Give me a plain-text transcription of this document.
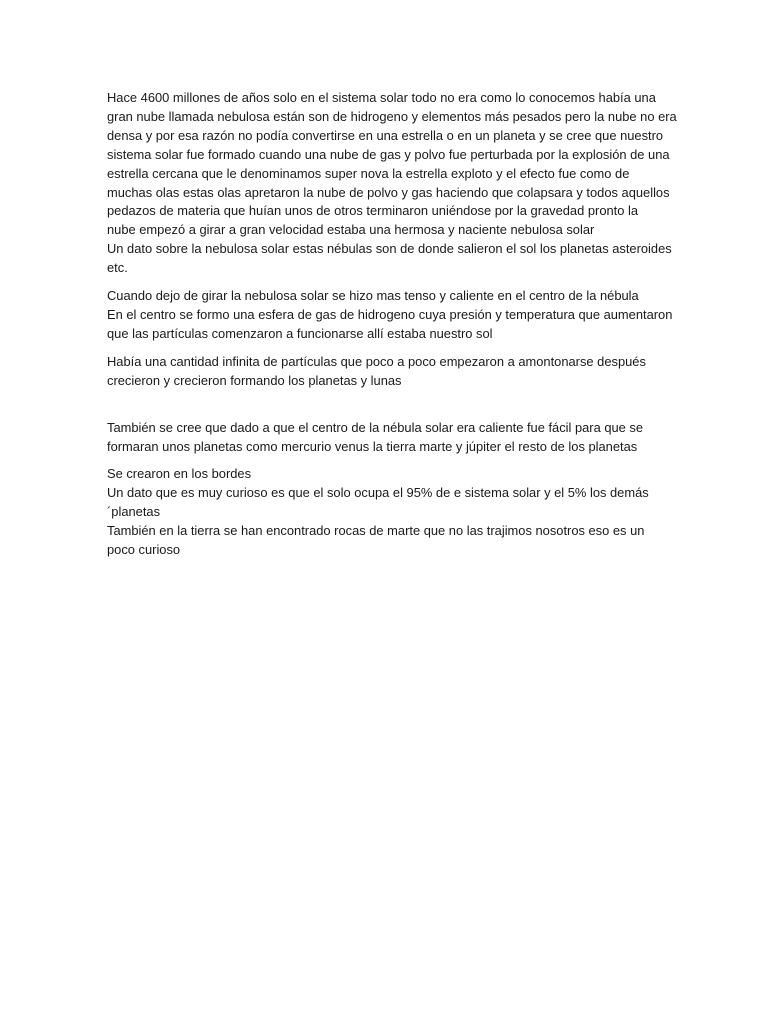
Hace 4600 millones de años solo en el sistema solar todo no era como lo conocemos había una
gran nube llamada nebulosa están son de hidrogeno y elementos más pesados pero la nube no era
densa y por esa razón no podía convertirse en una estrella o en un planeta y se cree que nuestro
sistema solar fue formado cuando una nube de gas y polvo fue perturbada por la explosión de una
estrella cercana que le denominamos super nova la estrella exploto y el efecto fue como de
muchas olas estas olas apretaron la nube de polvo y gas haciendo que colapsara y todos aquellos
pedazos de materia que huían unos de otros terminaron uniéndose por la gravedad pronto la
nube empezó a girar a gran velocidad estaba una hermosa y naciente nebulosa solar
Un dato sobre la nebulosa solar estas nébulas son de donde salieron el sol los planetas asteroides
etc.
Cuando dejo de girar la nebulosa solar se hizo mas tenso y caliente en el centro de la nébula
En el centro se formo una esfera de gas de hidrogeno cuya presión y temperatura que aumentaron
que las partículas comenzaron a funcionarse allí estaba nuestro sol
Había una cantidad infinita de partículas que poco a poco empezaron a amontonarse después
crecieron y crecieron formando los planetas y lunas
También se cree que dado a que el centro de la nébula solar era caliente fue fácil para que se
formaran unos planetas como mercurio venus la tierra marte y júpiter el resto de los planetas
Se crearon en los bordes
Un dato que es muy curioso es que el solo ocupa el 95% de e sistema solar y el 5% los demás
´planetas
También en la tierra se han encontrado rocas de marte que no las trajimos nosotros eso es un
poco curioso
